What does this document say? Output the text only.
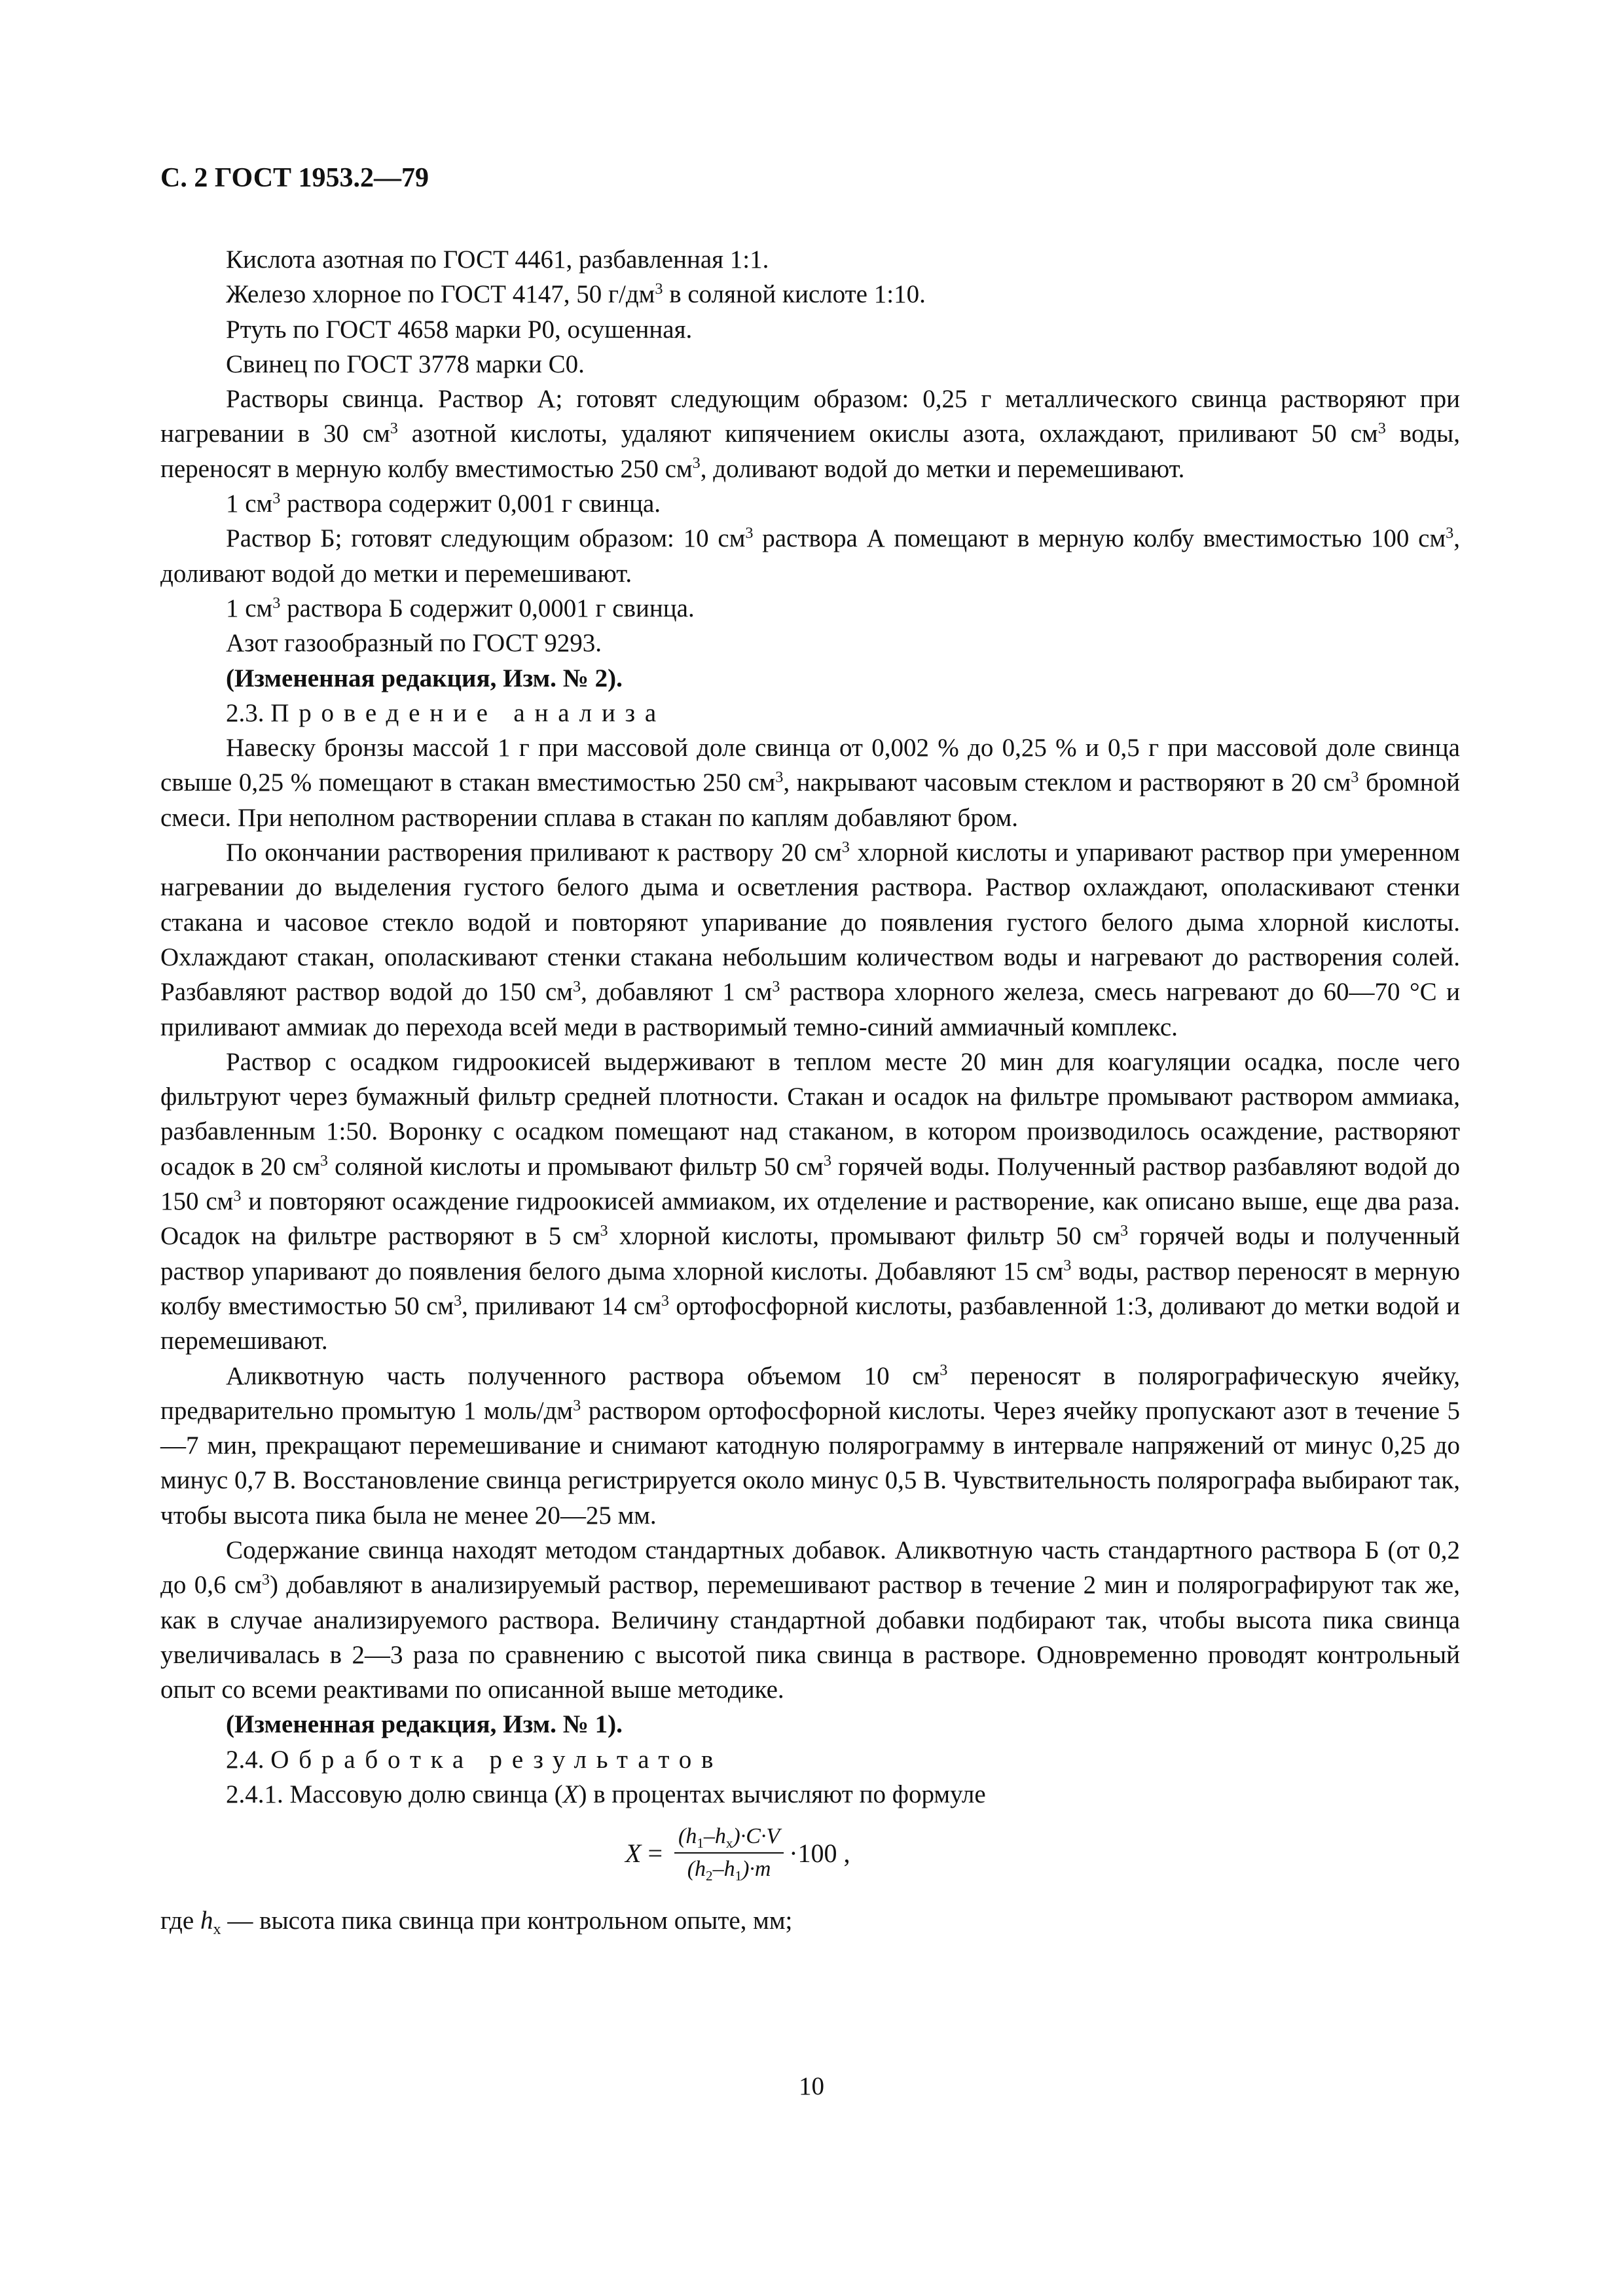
С. 2 ГОСТ 1953.2—79

Кислота азотная по ГОСТ 4461, разбавленная 1:1.

Железо хлорное по ГОСТ 4147, 50 $г/дм^3$ в соляной кислоте 1:10.

Ртуть по ГОСТ 4658 марки Р0, осушенная.

Свинец по ГОСТ 3778 марки С0.

Растворы свинца. Раствор А; готовят следующим образом: 0,25 г металлического свинца растворяют при нагревании в 30 $см^3$ азотной кислоты, удаляют кипячением окислы азота, охлаждают, приливают 50 $см^3$ воды, переносят в мерную колбу вместимостью 250 $см^3$, доливают водой до метки и перемешивают.

1 $см^3$ раствора содержит 0,001 г свинца.

Раствор Б; готовят следующим образом: 10 $см^3$ раствора А помещают в мерную колбу вместимостью 100 $см^3$, доливают водой до метки и перемешивают.

1 $см^3$ раствора Б содержит 0,0001 г свинца.

Азот газообразный по ГОСТ 9293.

(Измененная редакция, Изм. № 2).

2.3. Проведение анализа

Навеску бронзы массой 1 г при массовой доле свинца от 0,002 % до 0,25 % и 0,5 г при массовой доле свинца свыше 0,25 % помещают в стакан вместимостью 250 $см^3$, накрывают часовым стеклом и растворяют в 20 $см^3$ бромной смеси. При неполном растворении сплава в стакан по каплям добавляют бром.

По окончании растворения приливают к раствору 20 $см^3$ хлорной кислоты и упаривают раствор при умеренном нагревании до выделения густого белого дыма и осветления раствора. Раствор охлаждают, ополаскивают стенки стакана и часовое стекло водой и повторяют упаривание до появления густого белого дыма хлорной кислоты. Охлаждают стакан, ополаскивают стенки стакана небольшим количеством воды и нагревают до растворения солей. Разбавляют раствор водой до 150 $см^3$, добавляют 1 $см^3$ раствора хлорного железа, смесь нагревают до 60—70 °С и приливают аммиак до перехода всей меди в растворимый темно-синий аммиачный комплекс.

Раствор с осадком гидроокисей выдерживают в теплом месте 20 мин для коагуляции осадка, после чего фильтруют через бумажный фильтр средней плотности. Стакан и осадок на фильтре промывают раствором аммиака, разбавленным 1:50. Воронку с осадком помещают над стаканом, в котором производилось осаждение, растворяют осадок в 20 $см^3$ соляной кислоты и промывают фильтр 50 $см^3$ горячей воды. Полученный раствор разбавляют водой до 150 $см^3$ и повторяют осаждение гидроокисей аммиаком, их отделение и растворение, как описано выше, еще два раза. Осадок на фильтре растворяют в 5 $см^3$ хлорной кислоты, промывают фильтр 50 $см^3$ горячей воды и полученный раствор упаривают до появления белого дыма хлорной кислоты. Добавляют 15 $см^3$ воды, раствор переносят в мерную колбу вместимостью 50 $см^3$, приливают 14 $см^3$ ортофосфорной кислоты, разбавленной 1:3, доливают до метки водой и перемешивают.

Аликвотную часть полученного раствора объемом 10 $см^3$ переносят в полярографическую ячейку, предварительно промытую 1 моль/$дм^3$ раствором ортофосфорной кислоты. Через ячейку пропускают азот в течение 5—7 мин, прекращают перемешивание и снимают катодную полярограмму в интервале напряжений от минус 0,25 до минус 0,7 В. Восстановление свинца регистрируется около минус 0,5 В. Чувствительность полярографа выбирают так, чтобы высота пика была не менее 20—25 мм.

Содержание свинца находят методом стандартных добавок. Аликвотную часть стандартного раствора Б (от 0,2 до 0,6 $см^3$) добавляют в анализируемый раствор, перемешивают раствор в течение 2 мин и полярографируют так же, как в случае анализируемого раствора. Величину стандартной добавки подбирают так, чтобы высота пика свинца увеличивалась в 2—3 раза по сравнению с высотой пика свинца в растворе. Одновременно проводят контрольный опыт со всеми реактивами по описанной выше методике.

(Измененная редакция, Изм. № 1).

2.4. Обработка результатов

2.4.1. Массовую долю свинца (X) в процентах вычисляют по формуле

$X = \frac{(h_1-h_x)\cdot C\cdot V}{(h_2-h_1)\cdot m} \cdot 100$ ,

где $h_x$ — высота пика свинца при контрольном опыте, мм;

10
